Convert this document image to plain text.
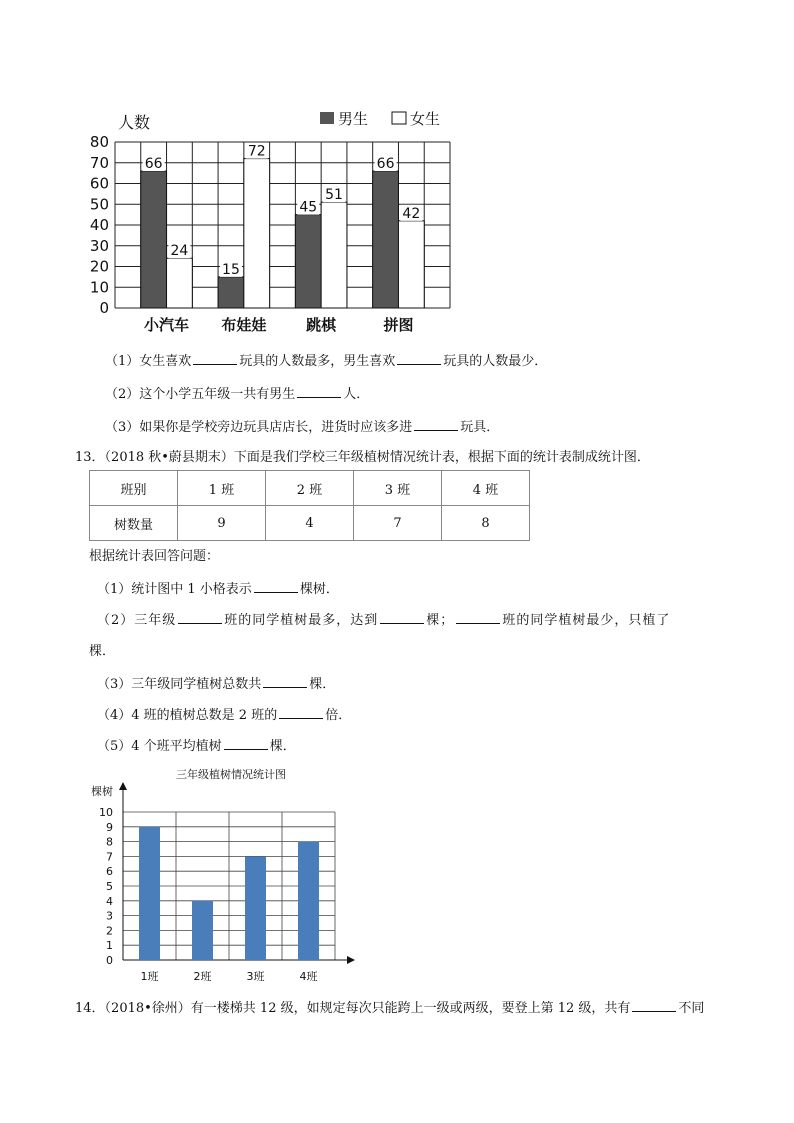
0
10
20
30
40
50
60
70
80
66
24
小汽车
15
72
布娃娃
45
51
跳棋
66
42
拼图
人数	男生	女生
（1）女生喜欢	玩具的人数最多，男生喜欢	玩具的人数最少．
（2）这个小学五年级一共有男生	人．
（3）如果你是学校旁边玩具店店长，进货时应该多进	玩具．
13．（2018 秋•蔚县期末）下面是我们学校三年级植树情况统计表，根据下面的统计表制成统计图．
班别	1 班	2 班	3 班	4 班
树数量	9	4	7	8
根据统计表回答问题：
（1）统计图中 1 小格表示	棵树．
（2）三年级	班的同学植树最多，达到	棵；	班的同学植树最少，只植了
棵．
（3）三年级同学植树总数共	棵．
（4）4 班的植树总数是 2 班的	倍．
（5）4 个班平均植树	棵．
三年级植树情况统计图
棵树
0
1
2
3
4
5
6
7
8
9
10
1班	2班	3班	4班
14．（2018•徐州）有一楼梯共 12 级，如规定每次只能跨上一级或两级，要登上第 12 级，共有	不同
